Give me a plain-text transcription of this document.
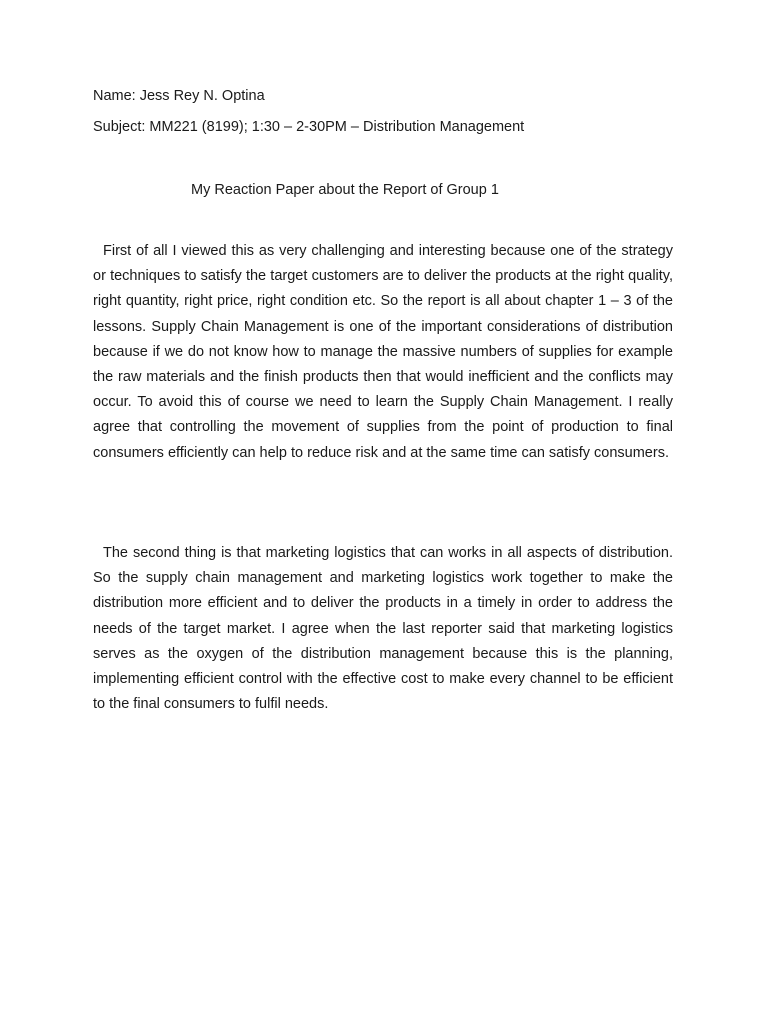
Name: Jess Rey N. Optina
Subject: MM221 (8199); 1:30 – 2-30PM – Distribution Management
My Reaction Paper about the Report of Group 1

First of all I viewed this as very challenging and interesting because one of the strategy or techniques to satisfy the target customers are to deliver the products at the right quality, right quantity, right price, right condition etc. So the report is all about chapter 1 – 3 of the lessons. Supply Chain Management is one of the important considerations of distribution because if we do not know how to manage the massive numbers of supplies for example the raw materials and the finish products then that would inefficient and the conflicts may occur. To avoid this of course we need to learn the Supply Chain Management. I really agree that controlling the movement of supplies from the point of production to final consumers efficiently can help to reduce risk and at the same time can satisfy consumers.

The second thing is that marketing logistics that can works in all aspects of distribution. So the supply chain management and marketing logistics work together to make the distribution more efficient and to deliver the products in a timely in order to address the needs of the target market. I agree when the last reporter said that marketing logistics serves as the oxygen of the distribution management because this is the planning, implementing efficient control with the effective cost to make every channel to be efficient to the final consumers to fulfil needs.
